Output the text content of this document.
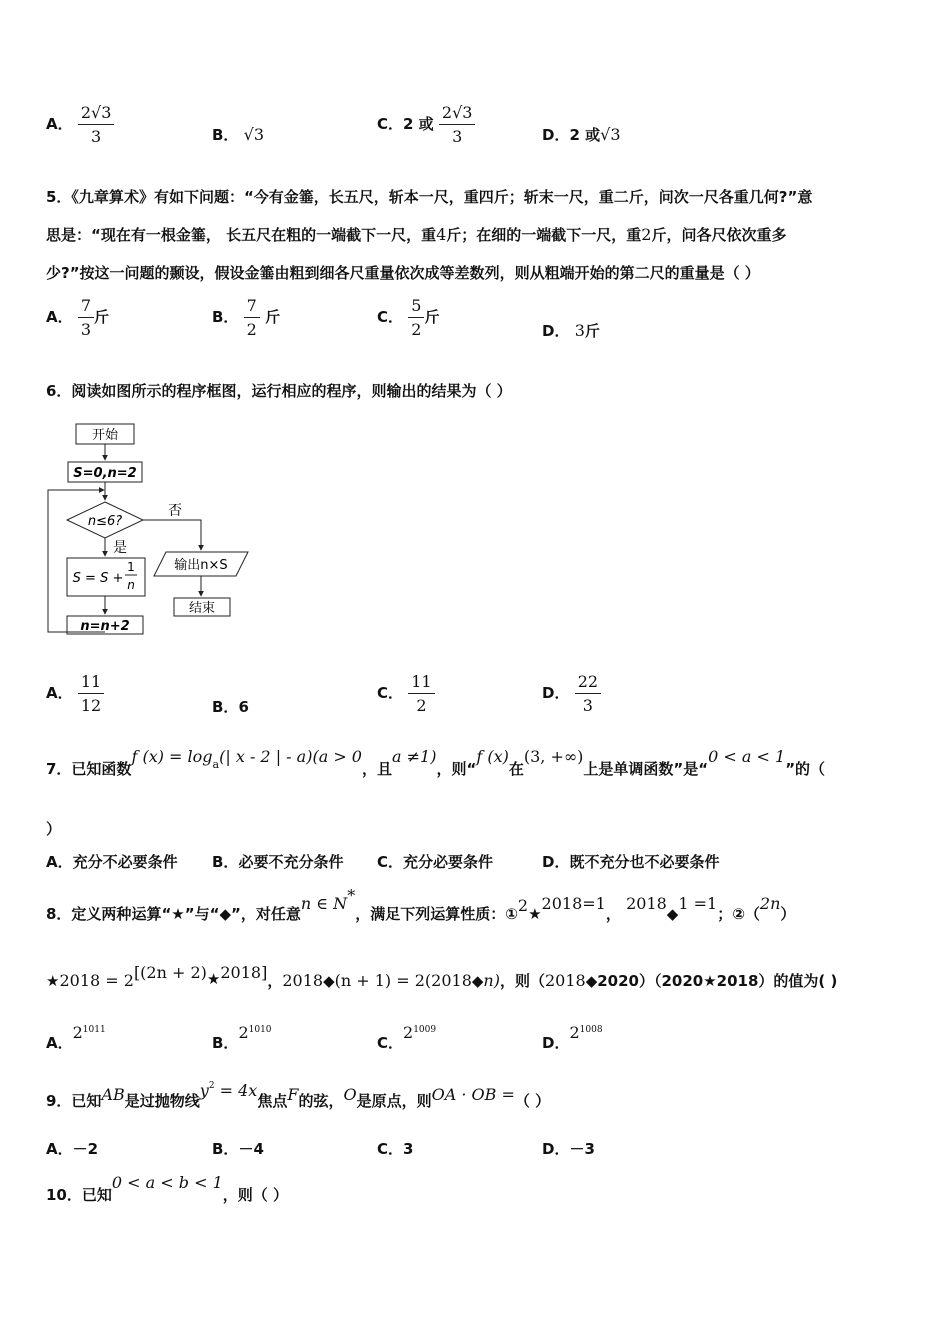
A． $\frac{2√3}{3}$	B． √3
C．2 或 $\frac{2√3}{3}$	D．2 或√3
5．《九章算术》有如下问题：“今有金箠，长五尺，斩本一尺，重四斤；斩末一尺，重二斤，问次一尺各重几何?”意
思是：“现在有一根金箠， 长五尺在粗的一端截下一尺，重4斤；在细的一端截下一尺，重2斤，问各尺依次重多
少?”按这一问题的颞设，假设金箠由粗到细各尺重量依次成等差数列，则从粗端开始的第二尺的重量是（ ）
A． $\frac{7}{3}$ 斤	B． $\frac{7}{2}$ 斤	C． $\frac{5}{2}$ 斤
D． 3斤
6．阅读如图所示的程序框图，运行相应的程序，则输出的结果为（ ）
开始
S=0,n=2
n≤6?
否
是
S = S +
1
n
n=n+2
输出n×S
结束
A． $\frac{11}{12}$	B．6
C． $\frac{11}{2}$	D． $\frac{22}{3}$
7．已知函数f $(x) = \log^a(|$ x - 2 | - a)(a > 0，且a ≠1)，则“f (x)在(3, +∞)上是单调函数”是“0 < a < 1”的（
）
A．充分不必要条件 B．必要不充分条件 C．充分必要条件	D．既不充分也不必要条件
8．定义两种运算“★”与“◆”，对任意n ∈ N*，满足下列运算性质：①2★2018=1， 2018◆1 =1；②（2n）
★2018 = 2[(2n + 2)★2018]，2018◆(n + 1) = 2(2018◆n)，则（2018◆2020）（2020★2018）的值为( )
A．$2^{1011}$
B．$2^{1010}$
C．$2^{1009}$
D．$2^{1008}$
9．已知AB是过抛物线$y^2 = 4x$焦点F的弦，O是原点，则OA · OB =（ ）
A．－2	B．－4	C．3	D．－3
10．已知0 < a < b < 1，则（ ）
